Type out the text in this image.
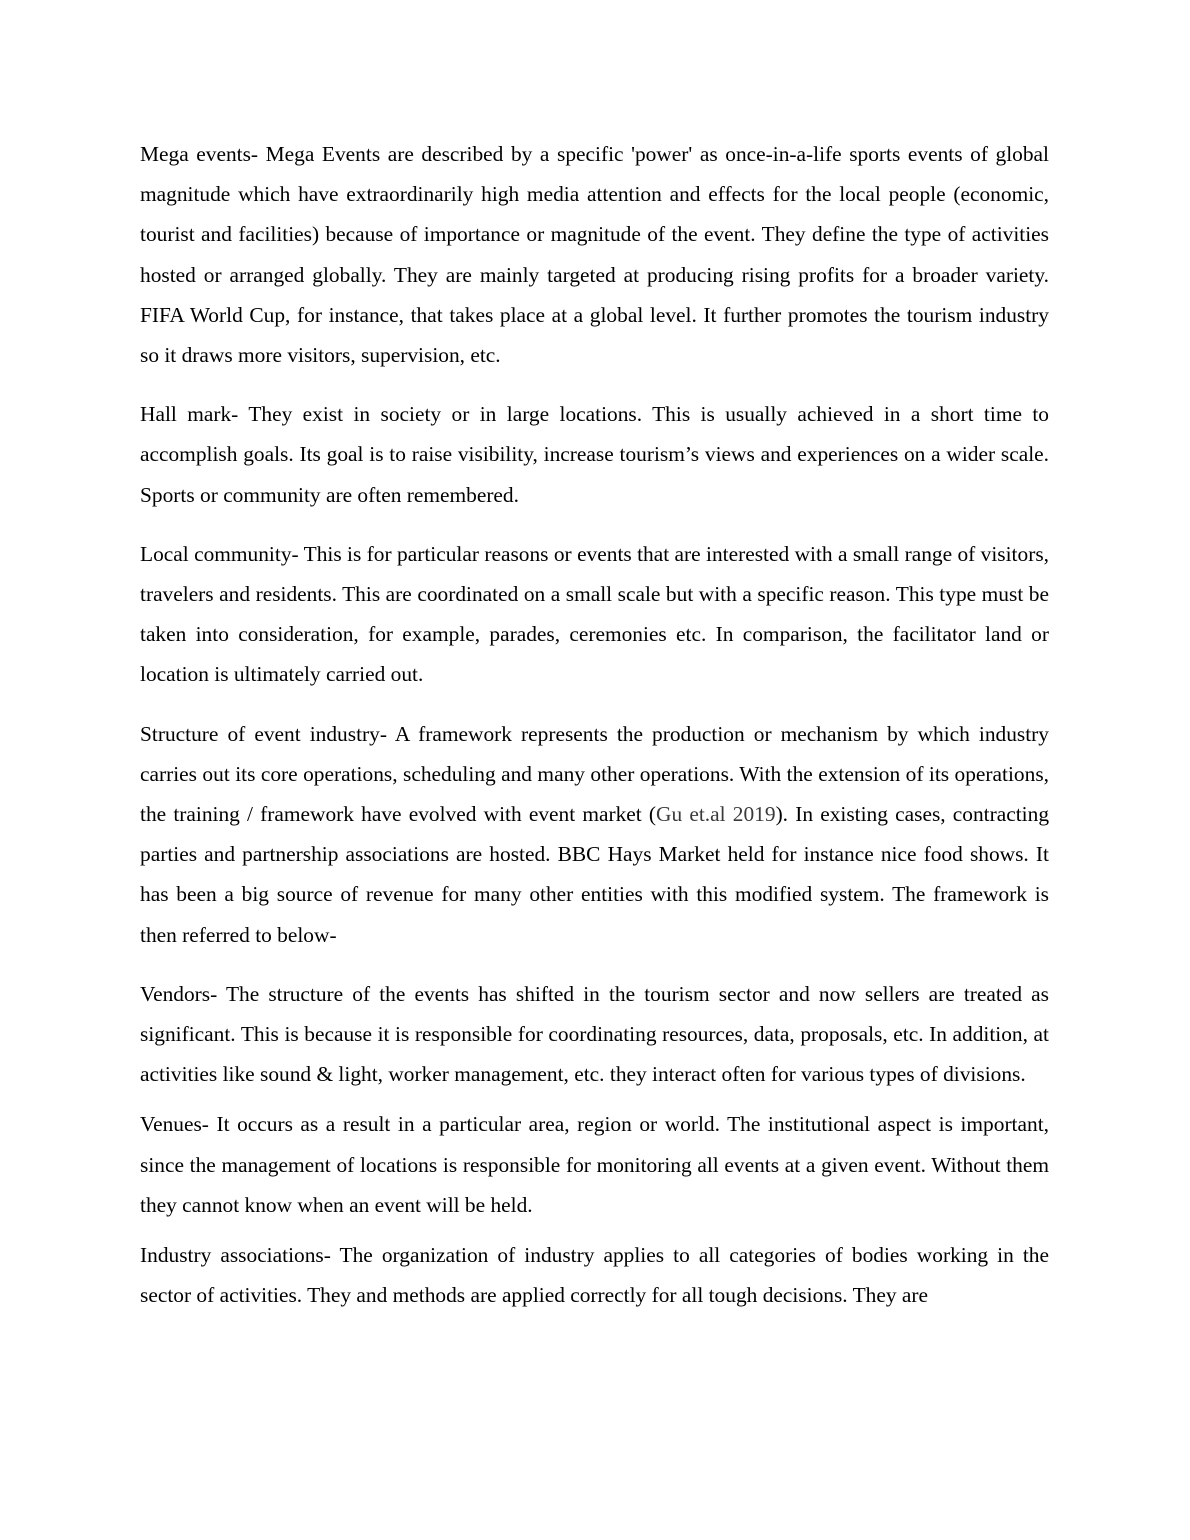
Mega events- Mega Events are described by a specific 'power' as once-in-a-life sports events of global magnitude which have extraordinarily high media attention and effects for the local people (economic, tourist and facilities) because of importance or magnitude of the event. They define the type of activities hosted or arranged globally. They are mainly targeted at producing rising profits for a broader variety. FIFA World Cup, for instance, that takes place at a global level. It further promotes the tourism industry so it draws more visitors, supervision, etc.

Hall mark- They exist in society or in large locations. This is usually achieved in a short time to accomplish goals. Its goal is to raise visibility, increase tourism’s views and experiences on a wider scale. Sports or community are often remembered.

Local community- This is for particular reasons or events that are interested with a small range of visitors, travelers and residents. This are coordinated on a small scale but with a specific reason. This type must be taken into consideration, for example, parades, ceremonies etc. In comparison, the facilitator land or location is ultimately carried out.

Structure of event industry- A framework represents the production or mechanism by which industry carries out its core operations, scheduling and many other operations. With the extension of its operations, the training / framework have evolved with event market (Gu et.al 2019). In existing cases, contracting parties and partnership associations are hosted. BBC Hays Market held for instance nice food shows. It has been a big source of revenue for many other entities with this modified system. The framework is then referred to below-

Vendors- The structure of the events has shifted in the tourism sector and now sellers are treated as significant. This is because it is responsible for coordinating resources, data, proposals, etc. In addition, at activities like sound & light, worker management, etc. they interact often for various types of divisions.

Venues- It occurs as a result in a particular area, region or world. The institutional aspect is important, since the management of locations is responsible for monitoring all events at a given event. Without them they cannot know when an event will be held.

Industry associations- The organization of industry applies to all categories of bodies working in the sector of activities. They and methods are applied correctly for all tough decisions. They are
